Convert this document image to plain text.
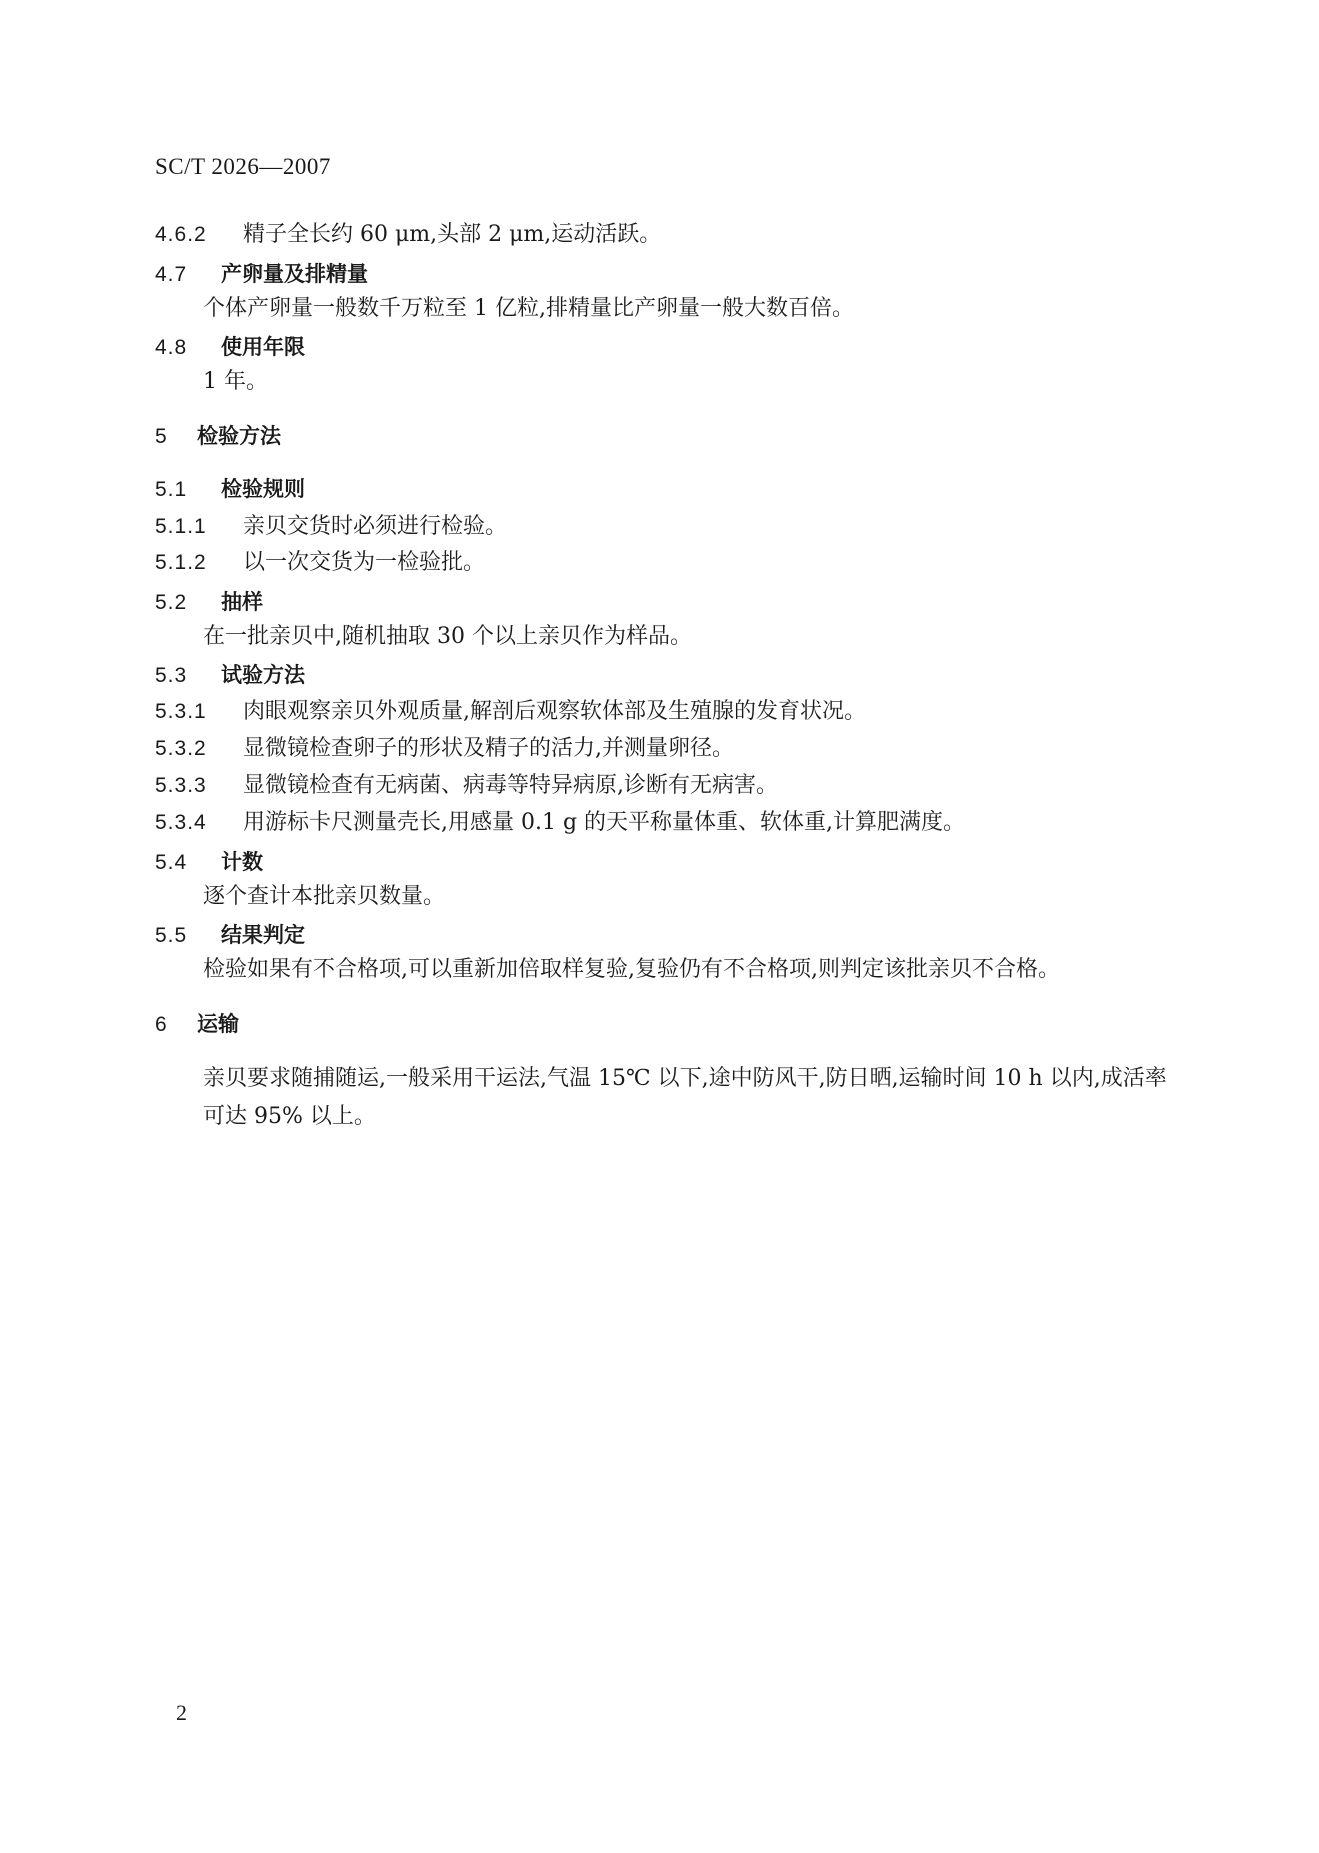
SC/T 2026—2007
4.6.2 精子全长约 60 μm,头部 2 μm,运动活跃。
4.7 产卵量及排精量
个体产卵量一般数千万粒至 1 亿粒,排精量比产卵量一般大数百倍。
4.8 使用年限
1 年。
5 检验方法
5.1 检验规则
5.1.1 亲贝交货时必须进行检验。
5.1.2 以一次交货为一检验批。
5.2 抽样
在一批亲贝中,随机抽取 30 个以上亲贝作为样品。
5.3 试验方法
5.3.1 肉眼观察亲贝外观质量,解剖后观察软体部及生殖腺的发育状况。
5.3.2 显微镜检查卵子的形状及精子的活力,并测量卵径。
5.3.3 显微镜检查有无病菌、病毒等特异病原,诊断有无病害。
5.3.4 用游标卡尺测量壳长,用感量 0.1 g 的天平称量体重、软体重,计算肥满度。
5.4 计数
逐个查计本批亲贝数量。
5.5 结果判定
检验如果有不合格项,可以重新加倍取样复验,复验仍有不合格项,则判定该批亲贝不合格。
6 运输
亲贝要求随捕随运,一般采用干运法,气温 15℃ 以下,途中防风干,防日晒,运输时间 10 h 以内,成活率可达 95% 以上。
2
